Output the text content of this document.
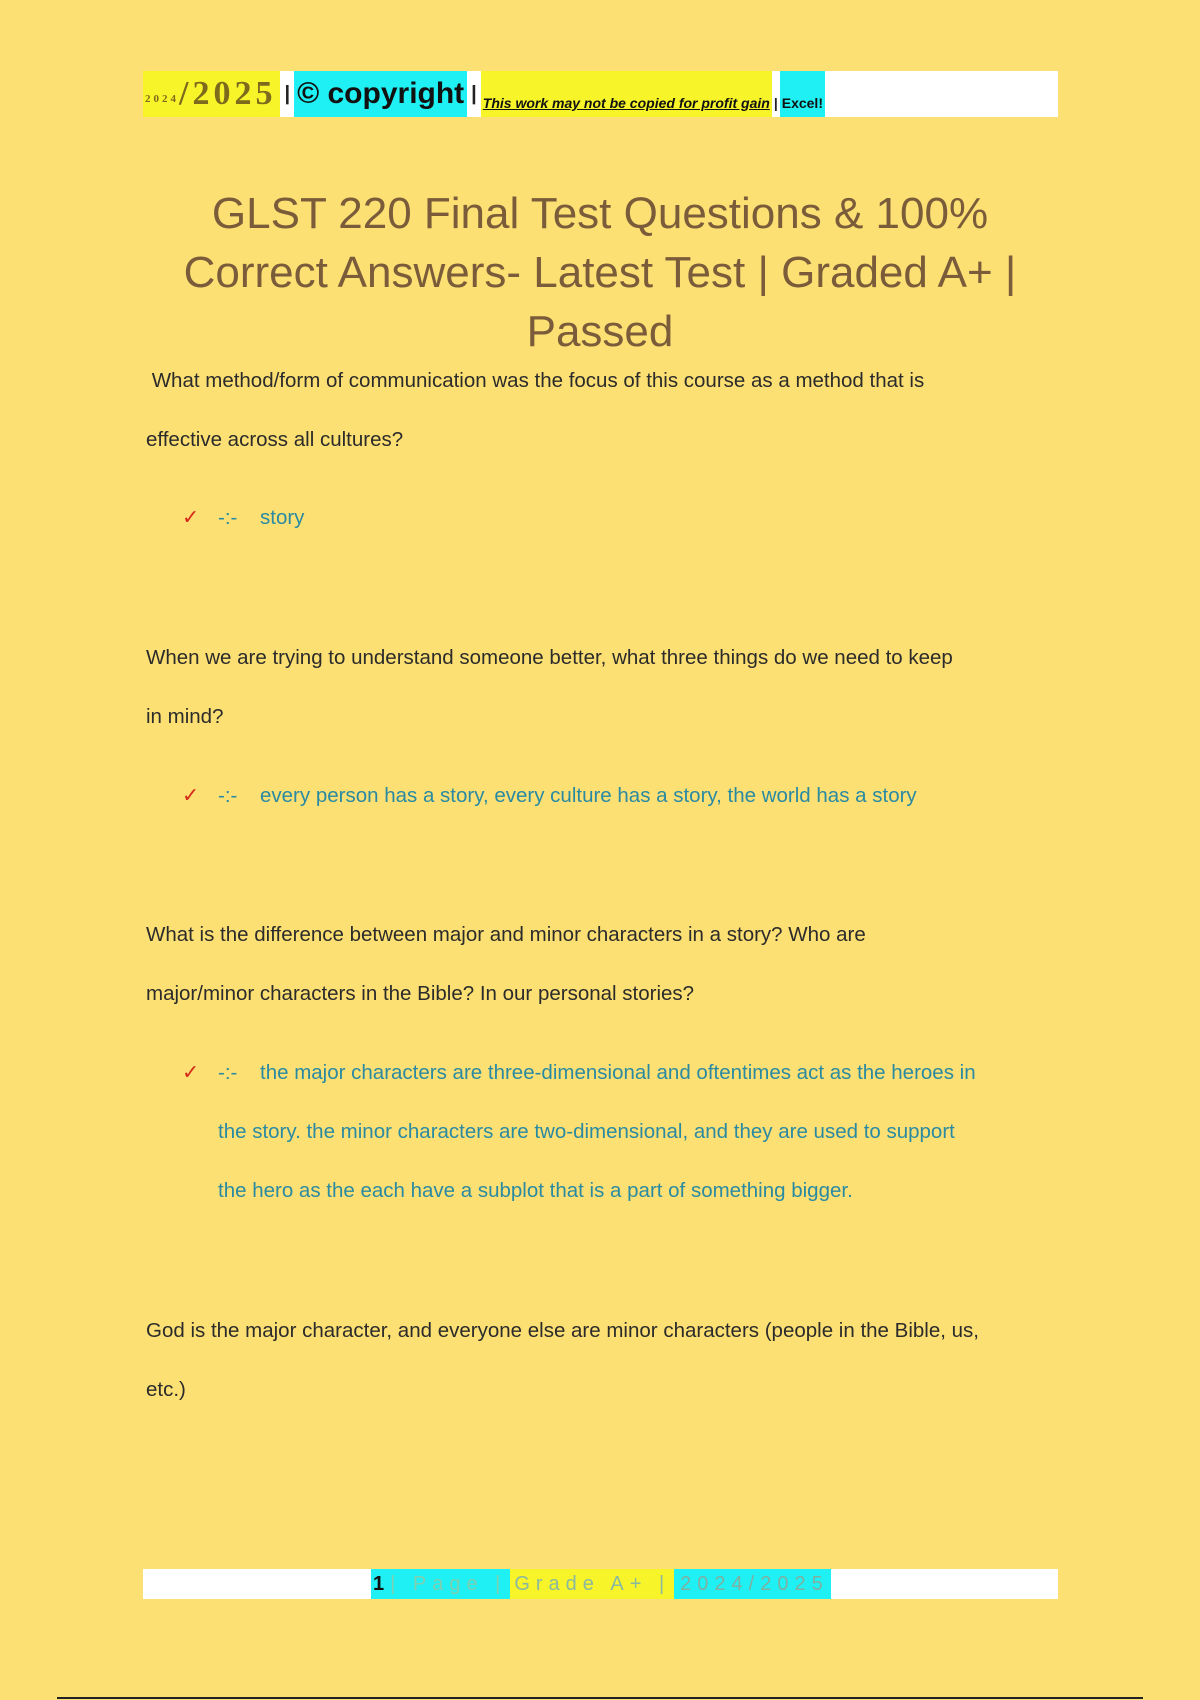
2024 /2025 | © copyright | This work may not be copied for profit gain | Excel!
GLST 220 Final Test Questions & 100%
Correct Answers- Latest Test | Graded A+ |
Passed
What method/form of communication was the focus of this course as a method that is
effective across all cultures?
✓ -:- story
When we are trying to understand someone better, what three things do we need to keep
in mind?
✓ -:- every person has a story, every culture has a story, the world has a story
What is the difference between major and minor characters in a story? Who are
major/minor characters in the Bible? In our personal stories?
✓ -:- the major characters are three-dimensional and oftentimes act as the heroes in
the story. the minor characters are two-dimensional, and they are used to support
the hero as the each have a subplot that is a part of something bigger.
God is the major character, and everyone else are minor characters (people in the Bible, us,
etc.)
1 | Page | Grade A+ | 2024/2025
